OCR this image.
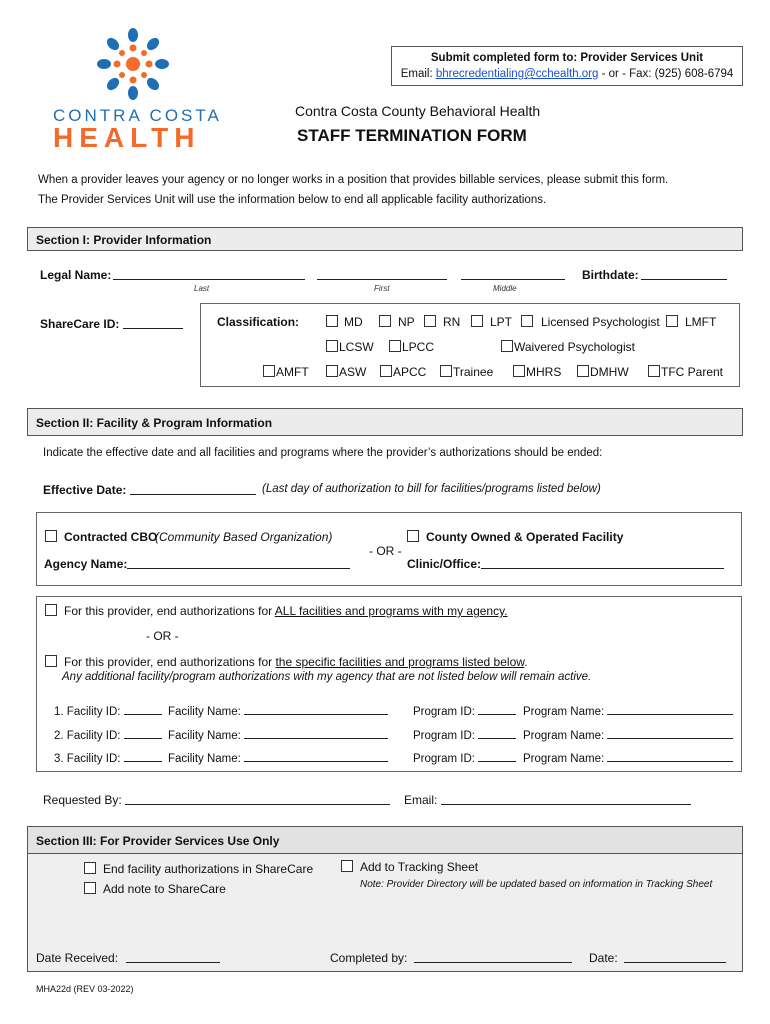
CONTRA COSTA
HEALTH
Submit completed form to: Provider Services Unit
Email: bhrecredentialing@cchealth.org - or - Fax: (925) 608-6794
Contra Costa County Behavioral Health
STAFF TERMINATION FORM
When a provider leaves your agency or no longer works in a position that provides billable services, please submit this form.
The Provider Services Unit will use the information below to end all applicable facility authorizations.
Section I: Provider Information
Legal Name:
Last	First	Middle
Birthdate:
ShareCare ID:	Classification:	MD	NP RN LPT Licensed Psychologist LMFT
LCSW LPCC	Waivered Psychologist
AMFT	ASW APCC Trainee	MHRS DMHW	TFC Parent
Section II: Facility & Program Information
Indicate the effective date and all facilities and programs where the provider’s authorizations should be ended:
Effective Date:	(Last day of authorization to bill for facilities/programs listed below)
Contracted CBO
(Community Based Organization)
- OR -
County Owned & Operated Facility
Agency Name:	Clinic/Office:
For this provider, end authorizations for ALL facilities and programs with my agency.
- OR -
For this provider, end authorizations for the specific facilities and programs listed below.
Any additional facility/program authorizations with my agency that are not listed below will remain active.
1. Facility ID:	Facility Name:	Program ID:	Program Name:
2. Facility ID:	Facility Name:	Program ID:	Program Name:
3. Facility ID:	Facility Name:	Program ID:	Program Name:
Requested By:	Email:
Section III: For Provider Services Use Only
End facility authorizations in ShareCare
Add note to ShareCare
Add to Tracking Sheet
Note: Provider Directory will be updated based on information in Tracking Sheet
Date Received:	Completed by:	Date:
MHA22d (REV 03-2022)
